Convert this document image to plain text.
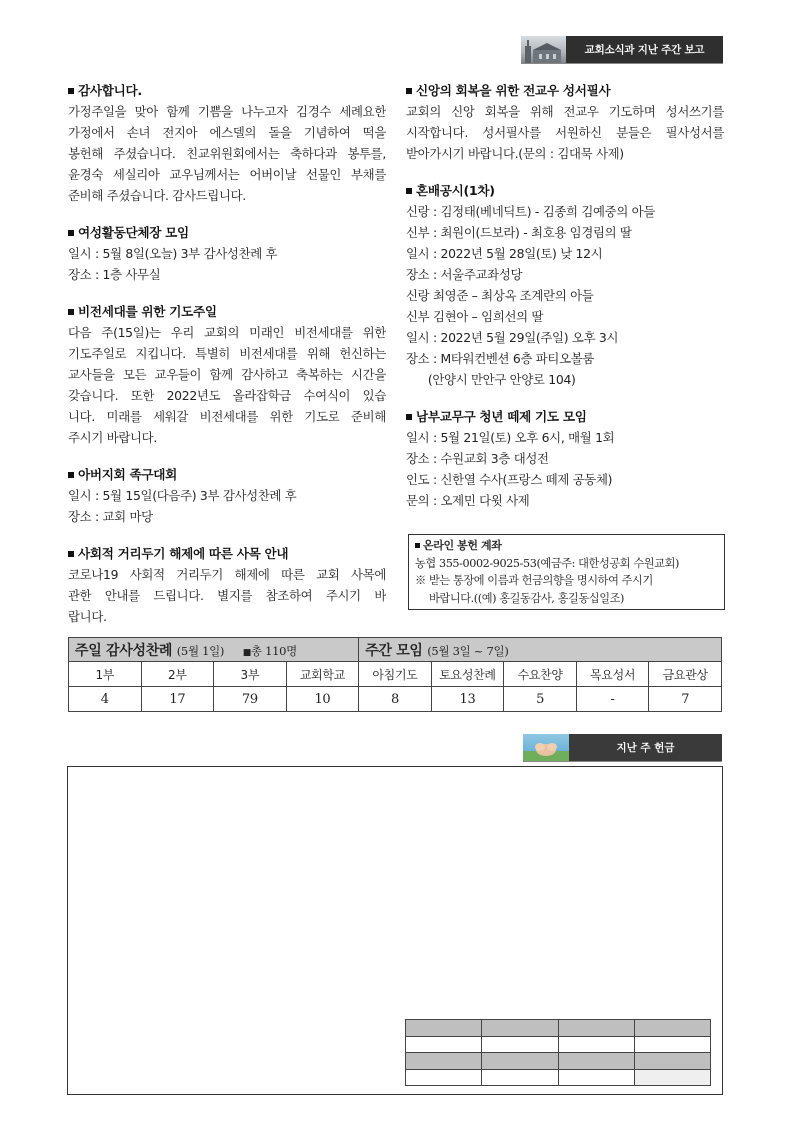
교회소식과 지난 주간 보고
감사합니다.
가정주일을 맞아 함께 기쁨을 나누고자 김경수 세례요한
가정에서 손녀 전지아 에스델의 돌을 기념하여 떡을
봉헌해 주셨습니다. 친교위원회에서는 축하다과 봉투를,
윤경숙 세실리아 교우님께서는 어버이날 선물인 부채를
준비해 주셨습니다. 감사드립니다.
여성활동단체장 모임
일시 : 5월 8일(오늘) 3부 감사성찬례 후
장소 : 1층 사무실
비전세대를 위한 기도주일
다음 주(15일)는 우리 교회의 미래인 비전세대를 위한
기도주일로 지킵니다. 특별히 비전세대를 위해 헌신하는
교사들을 모든 교우들이 함께 감사하고 축복하는 시간을
갖습니다. 또한 2022년도 올라잡학금 수여식이 있습
니다. 미래를 세워갈 비전세대를 위한 기도로 준비해
주시기 바랍니다.
아버지회 족구대회
일시 : 5월 15일(다음주) 3부 감사성찬례 후
장소 : 교회 마당
사회적 거리두기 해제에 따른 사목 안내
코로나19 사회적 거리두기 해제에 따른 교회 사목에
관한 안내를 드립니다. 별지를 참조하여 주시기 바
랍니다.
신앙의 회복을 위한 전교우 성서필사
교회의 신앙 회복을 위해 전교우 기도하며 성서쓰기를
시작합니다. 성서필사를 서원하신 분들은 필사성서를
받아가시기 바랍니다.(문의 : 김대묵 사제)
혼배공시(1차)
신랑 : 김정태(베네딕트) - 김종희 김예중의 아들
신부 : 최원이(드보라) - 최호용 임경림의 딸
일시 : 2022년 5월 28일(토) 낮 12시
장소 : 서울주교좌성당
신랑 최영준 – 최상옥 조계란의 아들
신부 김현아 – 임희선의 딸
일시 : 2022년 5월 29일(주일) 오후 3시
장소 : M타워컨벤션 6층 파티오볼룸
(안양시 만안구 안양로 104)
남부교무구 청년 떼제 기도 모임
일시 : 5월 21일(토) 오후 6시, 매월 1회
장소 : 수원교회 3층 대성전
인도 : 신한열 수사(프랑스 떼제 공동체)
문의 : 오제민 다윗 사제
온라인 봉헌 계좌
농협 355-0002-9025-53(예금주: 대한성공회 수원교회)
※ 받는 통장에 이름과 헌금의향을 명시하여 주시기
바랍니다.((예) 홍길동감사, 홍길동십일조)
주일 감사성찬례 (5월 1일) ■총 110명				주간 모임 (5월 3일 ~ 7일)				
1부	2부	3부	교회학교	아침기도	토요성찬례	수요찬양	목요성서	금요관상
4	17	79	10	8	13	5	-	7
지난 주 헌금
